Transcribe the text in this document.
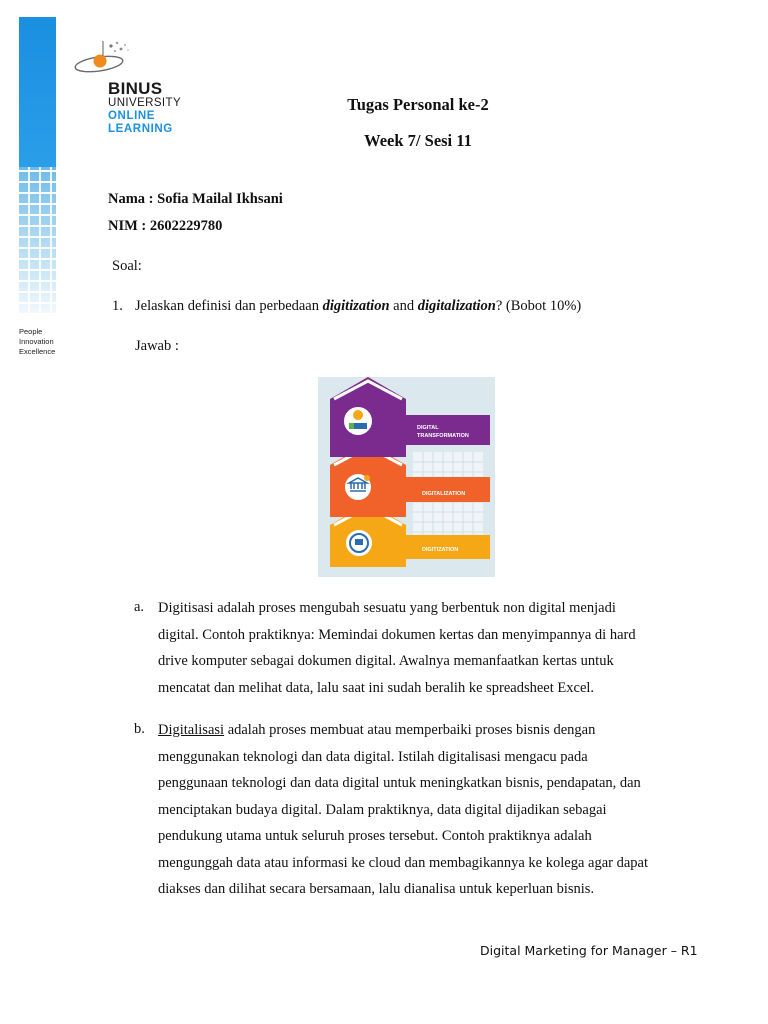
People
Innovation
Excellence
BINUS
UNIVERSITY
ONLINE
LEARNING
Tugas Personal ke-2
Week 7/ Sesi 11
Nama : Sofia Mailal Ikhsani
NIM : 2602229780
Soal:
1. Jelaskan definisi dan perbedaan digitization and digitalization? (Bobot 10%)
Jawab :
DIGITIZATION
DIGITALIZATION
DIGITAL
TRANSFORMATION
a. Digitisasi adalah proses mengubah sesuatu yang berbentuk non digital menjadi
digital. Contoh praktiknya: Memindai dokumen kertas dan menyimpannya di hard
drive komputer sebagai dokumen digital. Awalnya memanfaatkan kertas untuk
mencatat dan melihat data, lalu saat ini sudah beralih ke spreadsheet Excel.
b. Digitalisasi adalah proses membuat atau memperbaiki proses bisnis dengan
menggunakan teknologi dan data digital. Istilah digitalisasi mengacu pada
penggunaan teknologi dan data digital untuk meningkatkan bisnis, pendapatan, dan
menciptakan budaya digital. Dalam praktiknya, data digital dijadikan sebagai
pendukung utama untuk seluruh proses tersebut. Contoh praktiknya adalah
mengunggah data atau informasi ke cloud dan membagikannya ke kolega agar dapat
diakses dan dilihat secara bersamaan, lalu dianalisa untuk keperluan bisnis.
Digital Marketing for Manager – R1
